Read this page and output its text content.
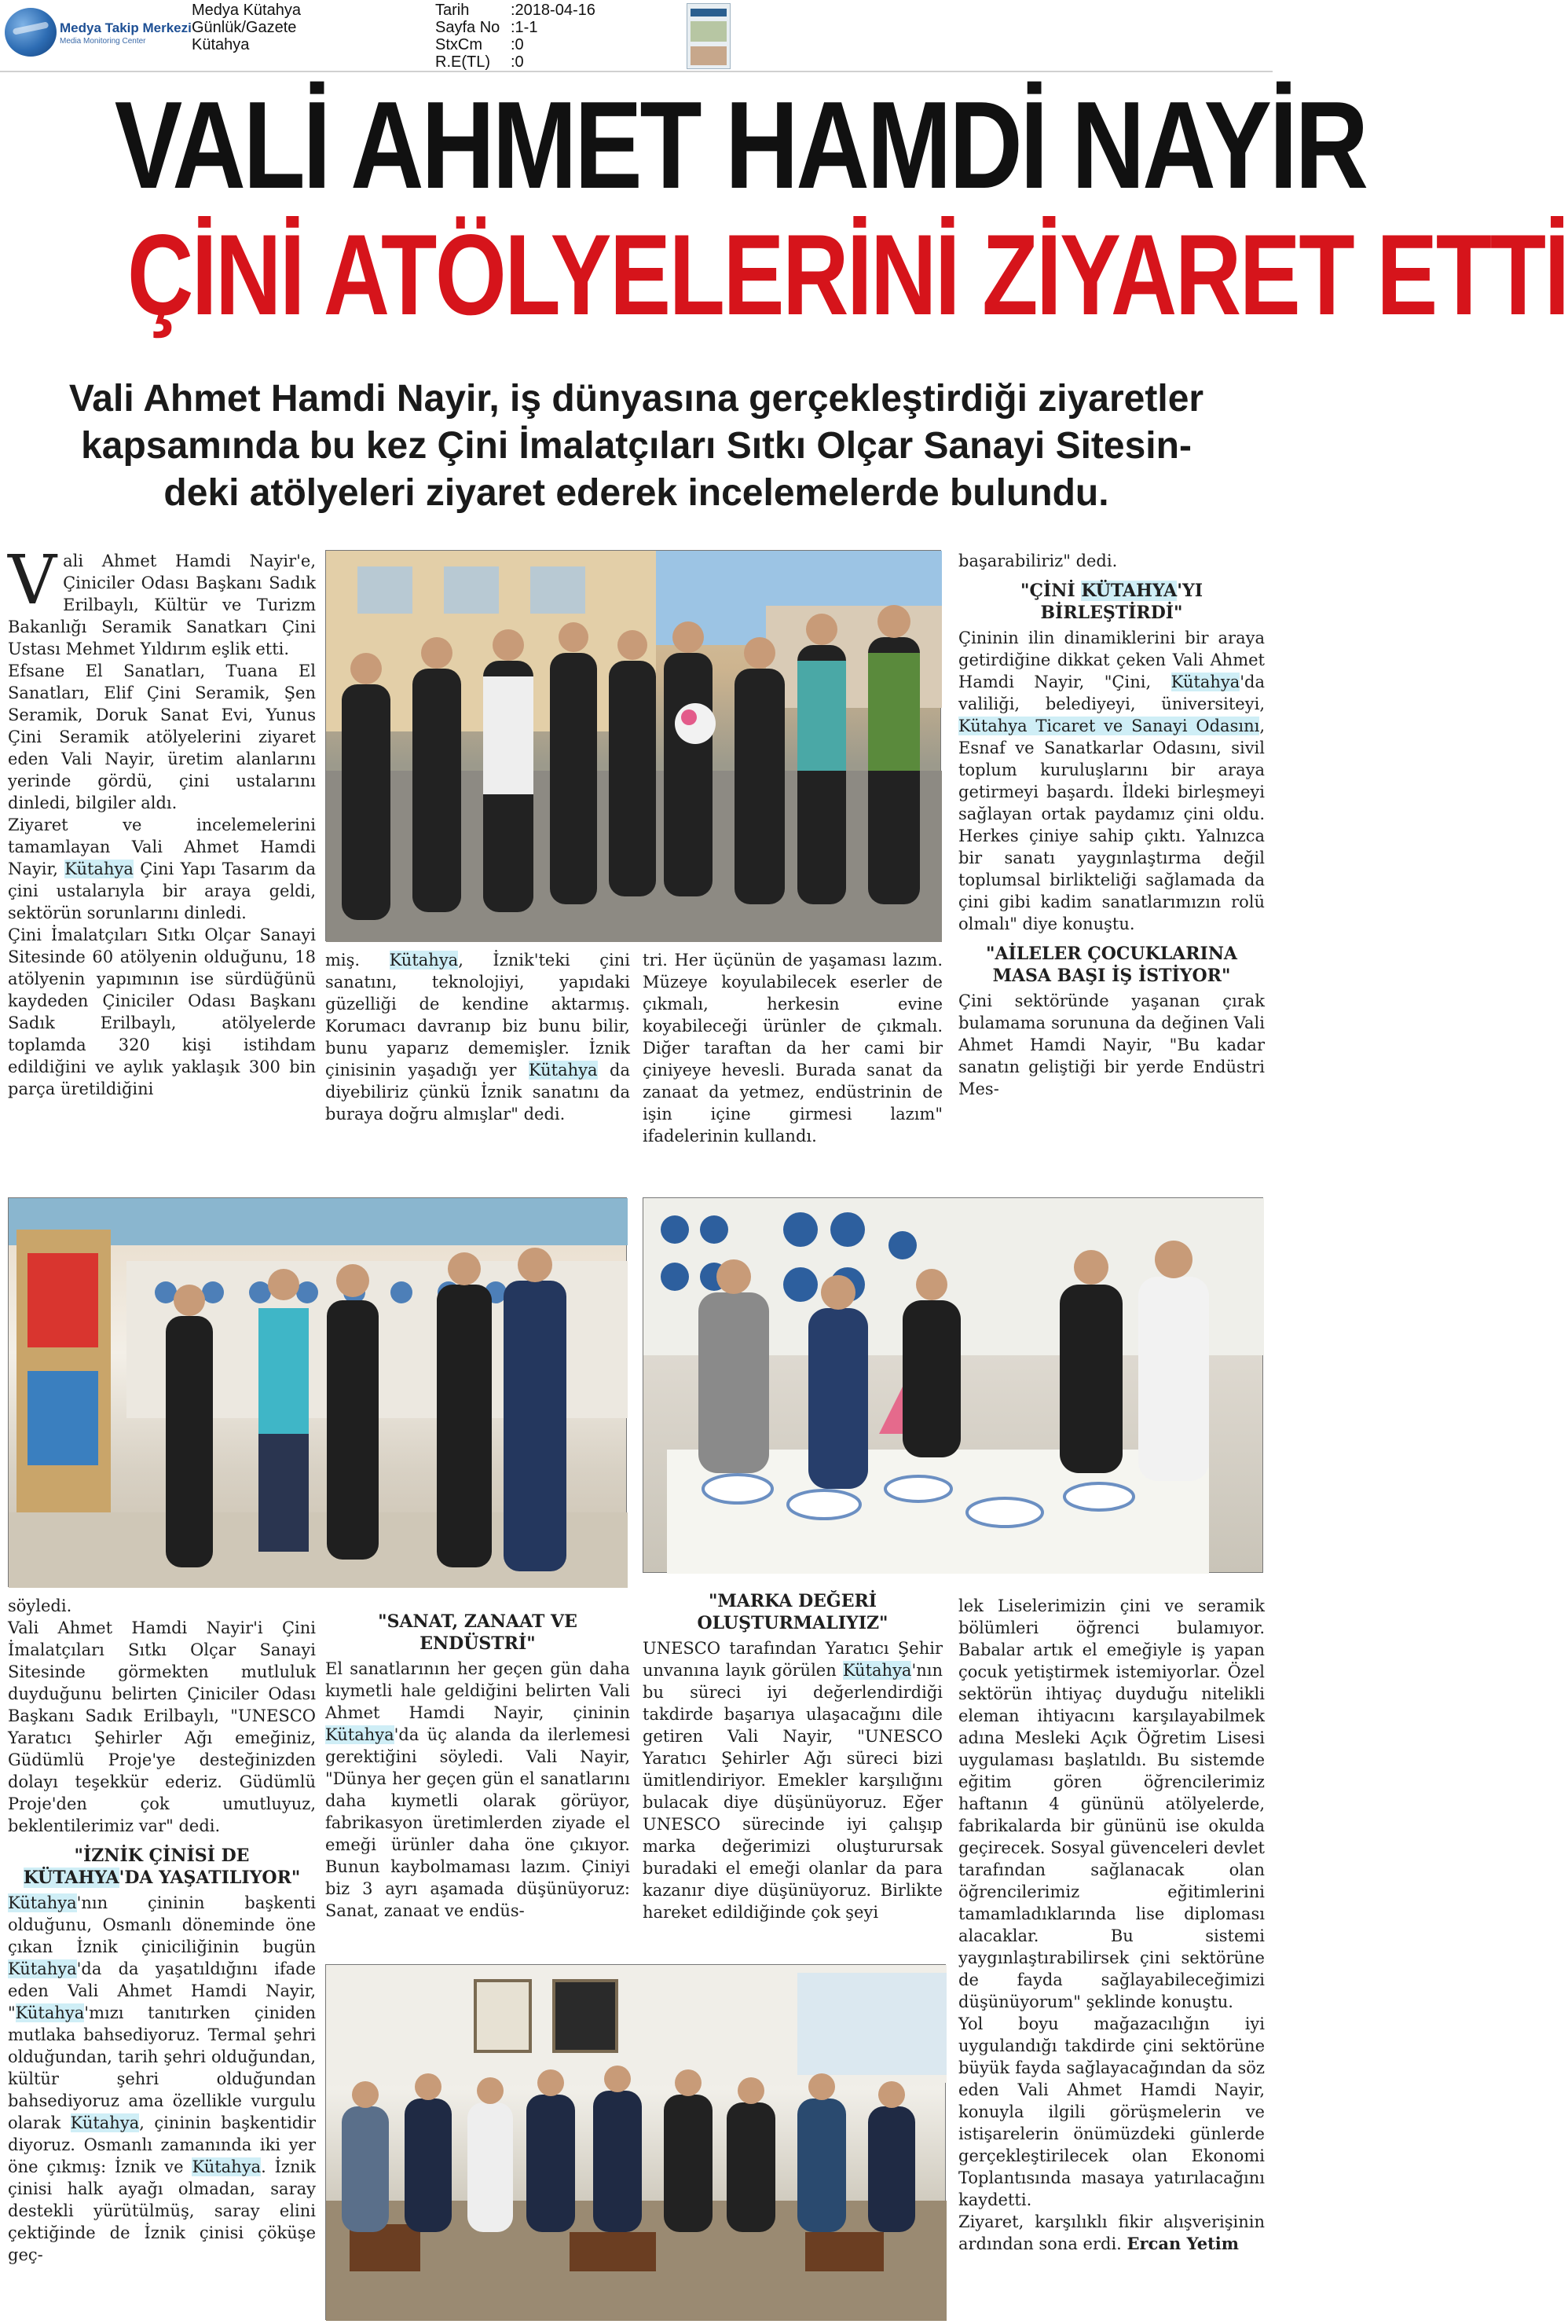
Medya Takip Merkezi
Media Monitoring Center
Medya Kütahya
Günlük/Gazete
Kütahya
Tarih	:2018-04-16
Sayfa No :1-1
StxCm	:0
R.E(TL)	:0
VALİ AHMET HAMDİ NAYİR
ÇİNİ ATÖLYELERİNİ ZİYARET ETTİ
Vali Ahmet Hamdi Nayir, iş dünyasına gerçekleştirdiği ziyaretler
kapsamında bu kez Çini İmalatçıları Sıtkı Olçar Sanayi Sitesin-
deki atölyeleri ziyaret ederek incelemelerde bulundu.

Vali Ahmet Hamdi Nayir'e, Çiniciler Odası Başkanı Sadık Erilbaylı, Kültür ve Turizm Bakanlığı Seramik Sanatkarı Çini Ustası Mehmet Yıldırım eşlik etti.

Efsane El Sanatları, Tuana El Sanatları, Elif Çini Seramik, Şen Seramik, Doruk Sanat Evi, Yunus Çini Seramik atölyelerini ziyaret eden Vali Nayir, üretim alanlarını yerinde gördü, çini ustalarını dinledi, bilgiler aldı.

Ziyaret ve incelemelerini tamamlayan Vali Ahmet Hamdi Nayir, Kütahya Çini Yapı Tasarım da çini ustalarıyla bir araya geldi, sektörün sorunlarını dinledi.

Çini İmalatçıları Sıtkı Olçar Sanayi Sitesinde 60 atölyenin olduğunu, 18 atölyenin yapımının ise sürdüğünü kaydeden Çiniciler Odası Başkanı Sadık Erilbaylı, atölyelerde toplamda 320 kişi istihdam edildiğini ve aylık yaklaşık 300 bin parça üretildiğini

miş. Kütahya, İznik'teki çini sanatını, teknolojiyi, yapıdaki güzelliği de kendine aktarmış. Korumacı davranıp biz bunu bilir, bunu yaparız dememişler. İznik çinisinin yaşadığı yer Kütahya da diyebiliriz çünkü İznik sanatını da buraya doğru almışlar" dedi.

tri. Her üçünün de yaşaması lazım. Müzeye koyulabilecek eserler de çıkmalı, herkesin evine koyabileceği ürünler de çıkmalı. Diğer taraftan da her cami bir çiniyeye hevesli. Burada sanat da zanaat da yetmez, endüstrinin de işin içine girmesi lazım" ifadelerinin kullandı.

başarabiliriz" dedi.

"ÇİNİ KÜTAHYA'YI BİRLEŞTİRDİ"

Çininin ilin dinamiklerini bir araya getirdiğine dikkat çeken Vali Ahmet Hamdi Nayir, "Çini, Kütahya'da valiliği, belediyeyi, üniversiteyi, Kütahya Ticaret ve Sanayi Odasını, Esnaf ve Sanatkarlar Odasını, sivil toplum kuruluşlarını bir araya getirmeyi başardı. İldeki birleşmeyi sağlayan ortak paydamız çini oldu. Herkes çiniye sahip çıktı. Yalnızca bir sanatı yaygınlaştırma değil toplumsal birlikteliği sağlamada da çini gibi kadim sanatlarımızın rolü olmalı" diye konuştu.

"AİLELER ÇOCUKLARINA MASA BAŞI İŞ İSTİYOR"

Çini sektöründe yaşanan çırak bulamama sorununa da değinen Vali Ahmet Hamdi Nayir, "Bu kadar sanatın geliştiği bir yerde Endüstri Mes-

söyledi.

Vali Ahmet Hamdi Nayir'i Çini İmalatçıları Sıtkı Olçar Sanayi Sitesinde görmekten mutluluk duyduğunu belirten Çiniciler Odası Başkanı Sadık Erilbaylı, "UNESCO Yaratıcı Şehirler Ağı emeğiniz, Güdümlü Proje'ye desteğinizden dolayı teşekkür ederiz. Güdümlü Proje'den çok umutluyuz, beklentilerimiz var" dedi.

"İZNİK ÇİNİSİ DE KÜTAHYA'DA YAŞATILIYOR"

Kütahya'nın çininin başkenti olduğunu, Osmanlı döneminde öne çıkan İznik çiniciliğinin bugün Kütahya'da da yaşatıldığını ifade eden Vali Ahmet Hamdi Nayir, "Kütahya'mızı tanıtırken çiniden mutlaka bahsediyoruz. Termal şehri olduğundan, tarih şehri olduğundan, kültür şehri olduğundan bahsediyoruz ama özellikle vurgulu olarak Kütahya, çininin başkentidir diyoruz. Osmanlı zamanında iki yer öne çıkmış: İznik ve Kütahya. İznik çinisi halk ayağı olmadan, saray destekli yürütülmüş, saray elini çektiğinde de İznik çinisi çöküşe geç-

"SANAT, ZANAAT VE ENDÜSTRİ"

El sanatlarının her geçen gün daha kıymetli hale geldiğini belirten Vali Ahmet Hamdi Nayir, çininin Kütahya'da üç alanda da ilerlemesi gerektiğini söyledi. Vali Nayir, "Dünya her geçen gün el sanatlarını daha kıymetli olarak görüyor, fabrikasyon üretimlerden ziyade el emeği ürünler daha öne çıkıyor. Bunun kaybolmaması lazım. Çiniyi biz 3 ayrı aşamada düşünüyoruz: Sanat, zanaat ve endüs-

"MARKA DEĞERİ OLUŞTURMALIYIZ"

UNESCO tarafından Yaratıcı Şehir unvanına layık görülen Kütahya'nın bu süreci iyi değerlendirdiği takdirde başarıya ulaşacağını dile getiren Vali Nayir, "UNESCO Yaratıcı Şehirler Ağı süreci bizi ümitlendiriyor. Emekler karşılığını bulacak diye düşünüyoruz. Eğer UNESCO sürecinde iyi çalışıp marka değerimizi oluşturursak buradaki el emeği olanlar da para kazanır diye düşünüyoruz. Birlikte hareket edildiğinde çok şeyi

lek Liselerimizin çini ve seramik bölümleri öğrenci bulamıyor. Babalar artık el emeğiyle iş yapan çocuk yetiştirmek istemiyorlar. Özel sektörün ihtiyaç duyduğu nitelikli eleman ihtiyacını karşılayabilmek adına Mesleki Açık Öğretim Lisesi uygulaması başlatıldı. Bu sistemde eğitim gören öğrencilerimiz haftanın 4 gününü atölyelerde, fabrikalarda bir gününü ise okulda geçirecek. Sosyal güvenceleri devlet tarafından sağlanacak olan öğrencilerimiz eğitimlerini tamamladıklarında lise diploması alacaklar. Bu sistemi yaygınlaştırabilirsek çini sektörüne de fayda sağlayabileceğimizi düşünüyorum" şeklinde konuştu.

Yol boyu mağazacılığın iyi uygulandığı takdirde çini sektörüne büyük fayda sağlayacağından da söz eden Vali Ahmet Hamdi Nayir, konuyla ilgili görüşmelerin ve istişarelerin önümüzdeki günlerde gerçekleştirilecek olan Ekonomi Toplantısında masaya yatırılacağını kaydetti.

Ziyaret, karşılıklı fikir alışverişinin ardından sona erdi. Ercan Yetim
